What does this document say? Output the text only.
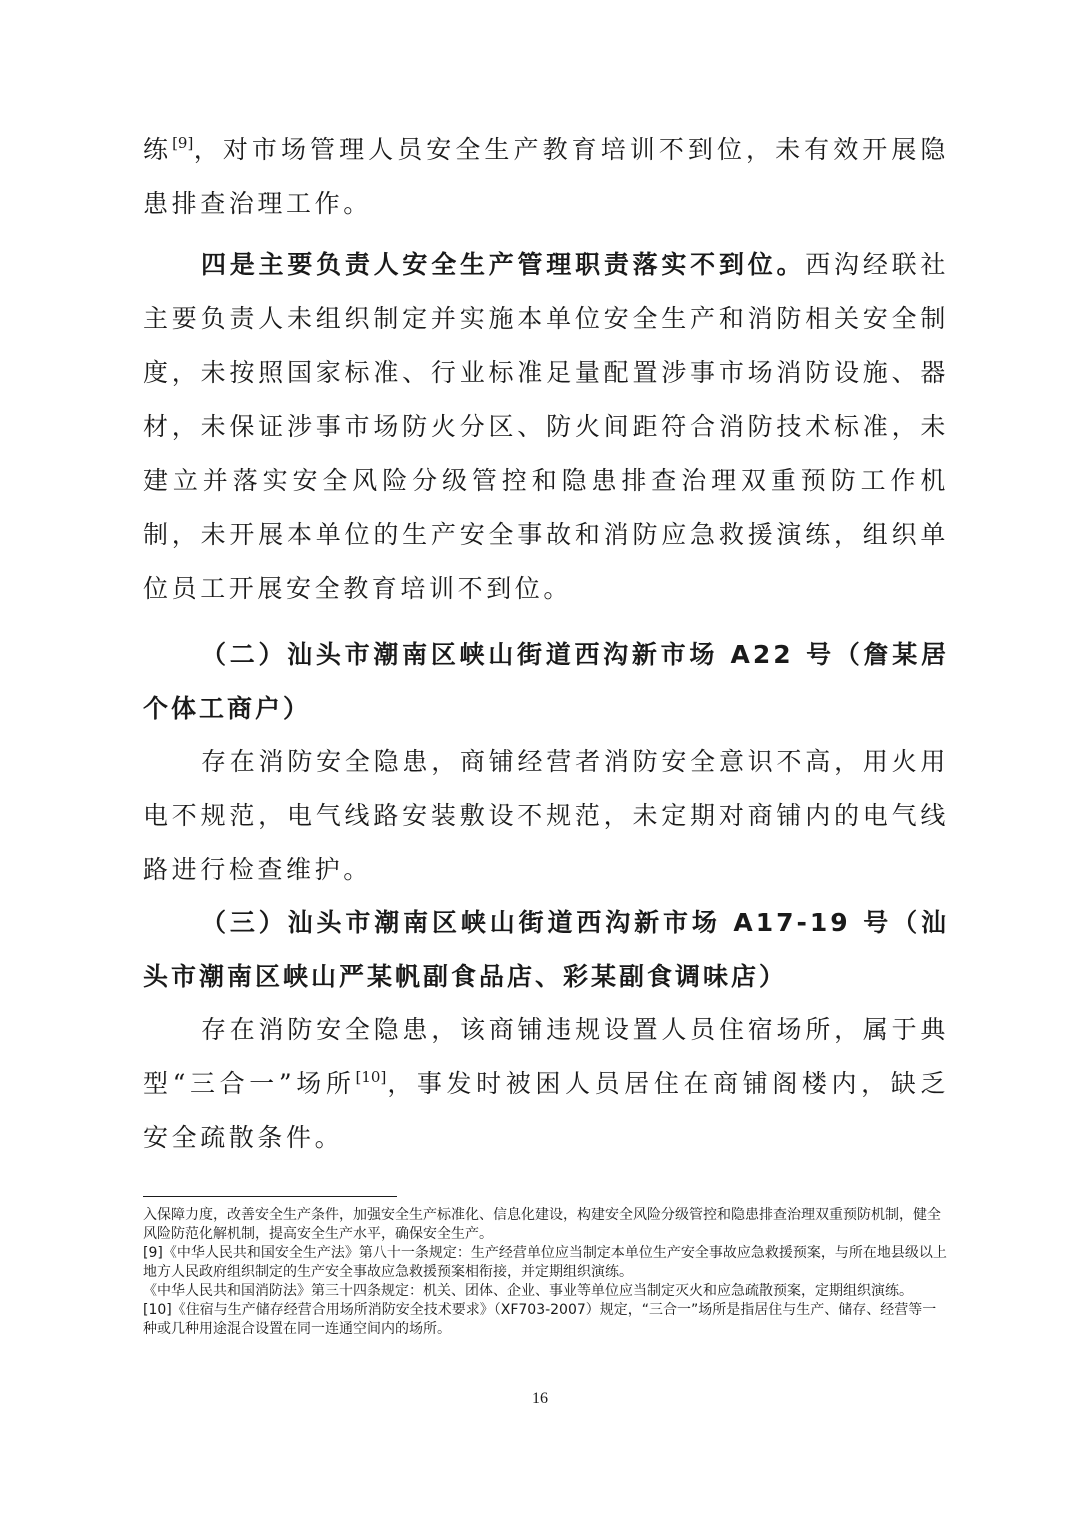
练[9]，对市场管理人员安全生产教育培训不到位，未有效开展隐患排查治理工作。

四是主要负责人安全生产管理职责落实不到位。西沟经联社主要负责人未组织制定并实施本单位安全生产和消防相关安全制度，未按照国家标准、行业标准足量配置涉事市场消防设施、器材，未保证涉事市场防火分区、防火间距符合消防技术标准，未建立并落实安全风险分级管控和隐患排查治理双重预防工作机制，未开展本单位的生产安全事故和消防应急救援演练，组织单位员工开展安全教育培训不到位。

（二）汕头市潮南区峡山街道西沟新市场 A22 号（詹某居个体工商户）

存在消防安全隐患，商铺经营者消防安全意识不高，用火用电不规范，电气线路安装敷设不规范，未定期对商铺内的电气线路进行检查维护。

（三）汕头市潮南区峡山街道西沟新市场 A17-19 号（汕头市潮南区峡山严某帆副食品店、彩某副食调味店）

存在消防安全隐患，该商铺违规设置人员住宿场所，属于典型“三合一”场所[10]，事发时被困人员居住在商铺阁楼内，缺乏安全疏散条件。

入保障力度，改善安全生产条件，加强安全生产标准化、信息化建设，构建安全风险分级管控和隐患排查治理双重预防机制，健全风险防范化解机制，提高安全生产水平，确保安全生产。

[9]《中华人民共和国安全生产法》第八十一条规定：生产经营单位应当制定本单位生产安全事故应急救援预案，与所在地县级以上地方人民政府组织制定的生产安全事故应急救援预案相衔接，并定期组织演练。

《中华人民共和国消防法》第三十四条规定：机关、团体、企业、事业等单位应当制定灭火和应急疏散预案，定期组织演练。

[10]《住宿与生产储存经营合用场所消防安全技术要求》（XF703-2007）规定，“三合一”场所是指居住与生产、储存、经营等一种或几种用途混合设置在同一连通空间内的场所。

16
